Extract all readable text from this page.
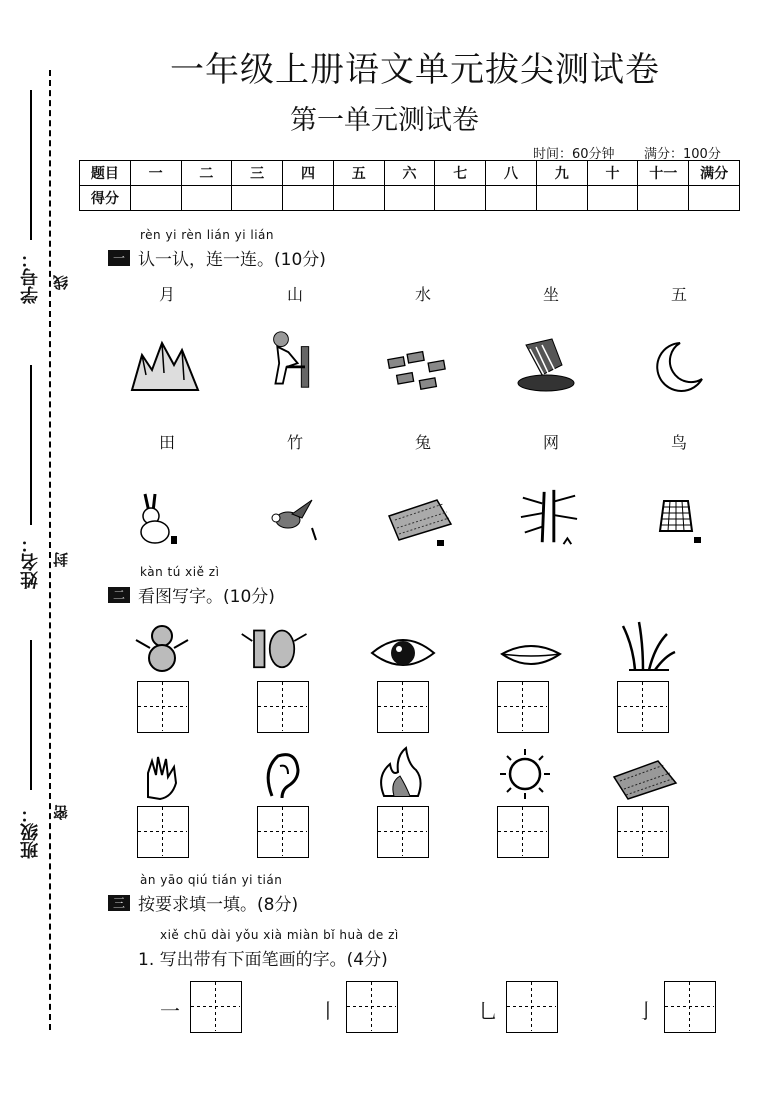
学号： 线
姓名： 封
班级： 密
一年级上册语文单元拔尖测试卷
第一单元测试卷
时间：60分钟 满分：100分
题目	一	二	三	四	五	六	七	八	九	十	十一	满分
得分												
rèn yi rèn lián yi lián
一 认一认，连一连。(10分)
月	山	水	坐	五
田	竹	兔	网	鸟
kàn tú xiě zì
二 看图写字。(10分)
àn yāo qiú tián yi tián
三 按要求填一填。(8分)
xiě chū dài yǒu xià miàn bǐ huà de zì
1. 写出带有下面笔画的字。(4分)
一	丨	乚	亅
